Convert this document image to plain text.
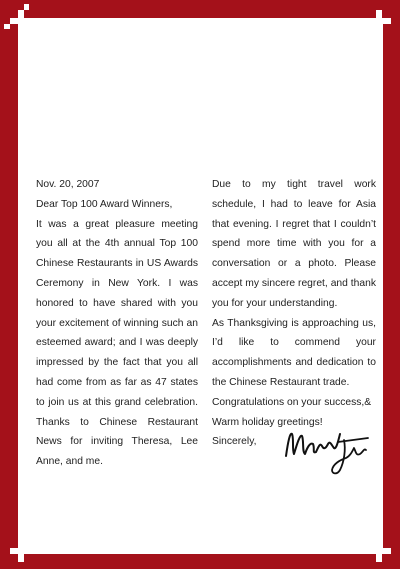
Nov. 20, 2007

Dear Top 100 Award Winners,

It was a great pleasure meeting you all at the 4th annual Top 100 Chinese Restaurants in US Awards Ceremony in New York. I was honored to have shared with you your excitement of winning such an esteemed award; and I was deeply impressed by the fact that you all had come from as far as 47 states to join us at this grand celebration. Thanks to Chinese Restaurant News for inviting Theresa, Lee Anne, and me.

Due to my tight travel work schedule, I had to leave for Asia that evening. I regret that I couldn’t spend more time with you for a conversation or a photo. Please accept my sincere regret, and thank you for your understanding.

As Thanksgiving is approaching us, I’d like to commend your accomplishments and dedication to the Chinese Restaurant trade.

Congratulations on your success,& Warm holiday greetings!

Sincerely,
